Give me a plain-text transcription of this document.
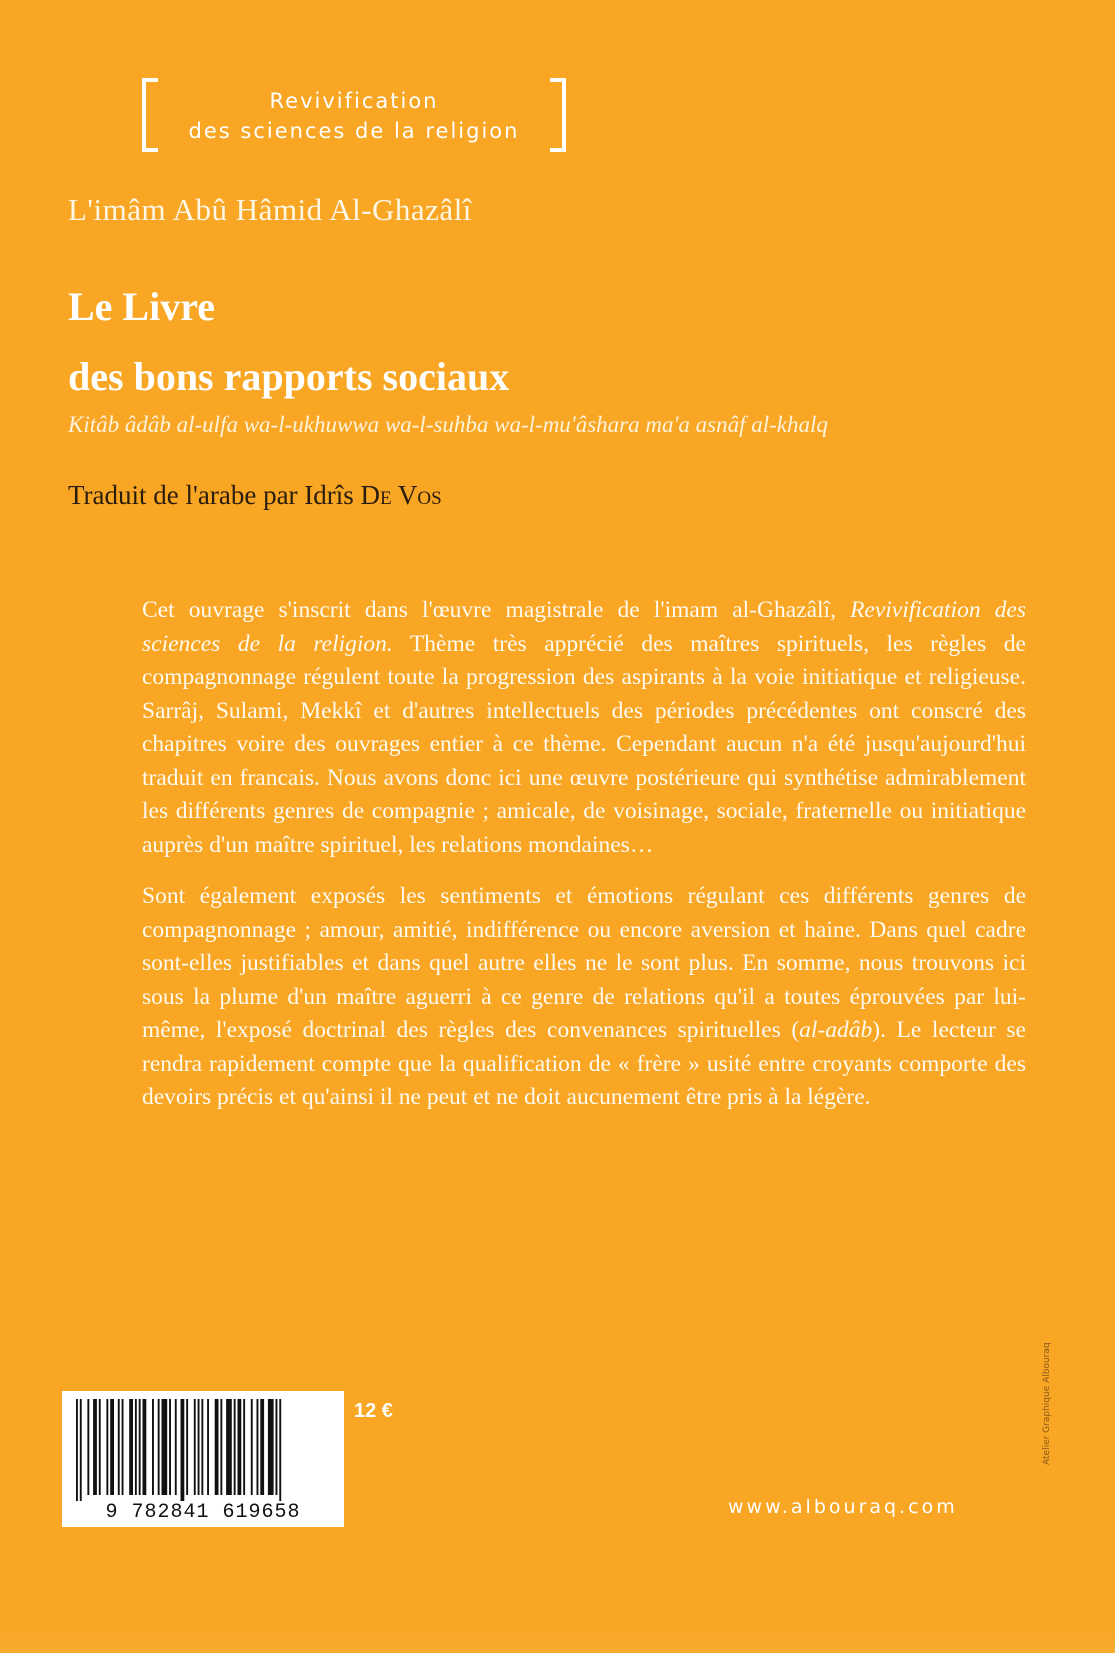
Revivification
des sciences de la religion
L'imâm Abû Hâmid Al-Ghazâlî
Le Livre
des bons rapports sociaux
Kitâb âdâb al-ulfa wa-l-ukhuwwa wa-l-suhba wa-l-mu'âshara ma'a asnâf al-khalq
Traduit de l'arabe par Idrîs De Vos

Cet ouvrage s'inscrit dans l'œuvre magistrale de l'imam al-Ghazâlî, Revivification des sciences de la religion. Thème très apprécié des maîtres spirituels, les règles de compagnonnage régulent toute la progression des aspirants à la voie initiatique et religieuse. Sarrâj, Sulami, Mekkî et d'autres intellectuels des périodes précédentes ont conscré des chapitres voire des ouvrages entier à ce thème. Cependant aucun n'a été jusqu'aujourd'hui traduit en francais. Nous avons donc ici une œuvre postérieure qui synthétise admirablement les différents genres de compagnie ; amicale, de voisinage, sociale, fraternelle ou initiatique auprès d'un maître spirituel, les relations mondaines…

Sont également exposés les sentiments et émotions régulant ces différents genres de compagnonnage ; amour, amitié, indifférence ou encore aversion et haine. Dans quel cadre sont-elles justifiables et dans quel autre elles ne le sont plus. En somme, nous trouvons ici sous la plume d'un maître aguerri à ce genre de relations qu'il a toutes éprouvées par lui-même, l'exposé doctrinal des règles des convenances spirituelles (al-adâb). Le lecteur se rendra rapidement compte que la qualification de « frère » usité entre croyants comporte des devoirs précis et qu'ainsi il ne peut et ne doit aucunement être pris à la légère.

Atelier Graphique Albouraq
9 782841 619658
12 €
www.albouraq.com
